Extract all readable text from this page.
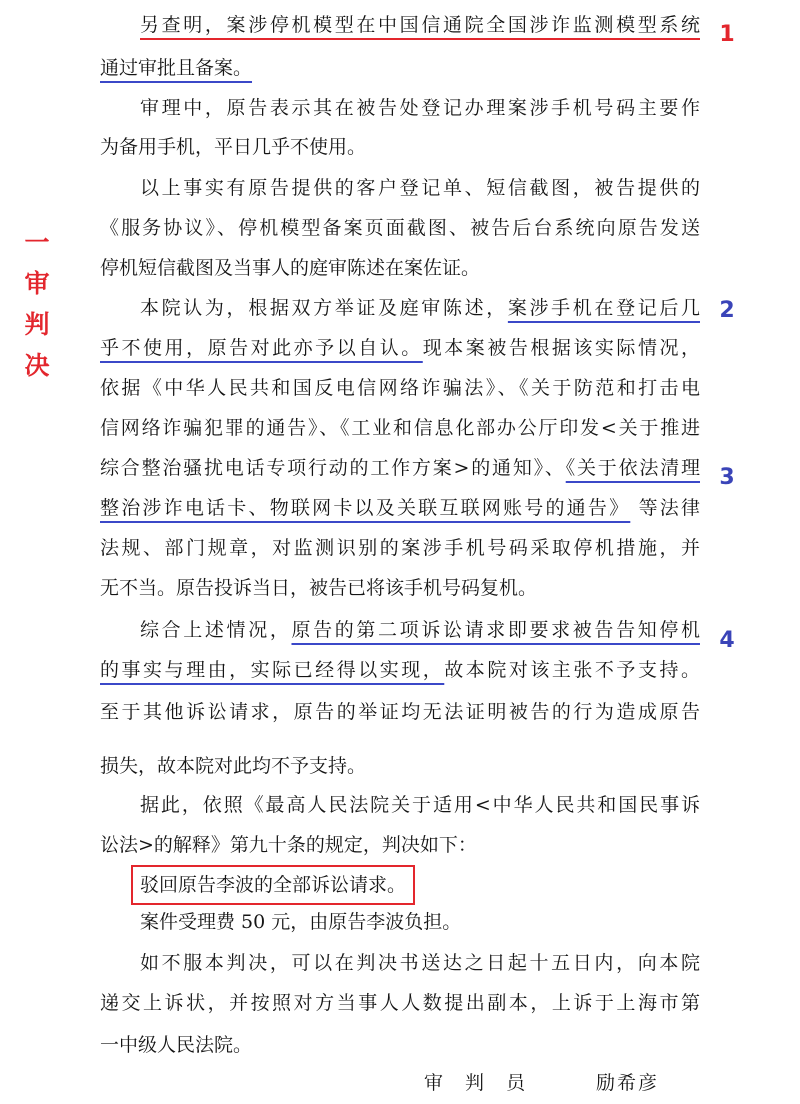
一审判决
1
2
3
4
另查明，案涉停机模型在中国信通院全国涉诈监测模型系统
通过审批且备案。
审理中，原告表示其在被告处登记办理案涉手机号码主要作
为备用手机，平日几乎不使用。
以上事实有原告提供的客户登记单、短信截图，被告提供的
《服务协议》、停机模型备案页面截图、被告后台系统向原告发送
停机短信截图及当事人的庭审陈述在案佐证。
本院认为，根据双方举证及庭审陈述，案涉手机在登记后几
乎不使用，原告对此亦予以自认。现本案被告根据该实际情况，
依据《中华人民共和国反电信网络诈骗法》、《关于防范和打击电
信网络诈骗犯罪的通告》、《工业和信息化部办公厅印发<关于推进
综合整治骚扰电话专项行动的工作方案>的通知》、《关于依法清理
整治涉诈电话卡、物联网卡以及关联互联网账号的通告》 等法律
法规、部门规章，对监测识别的案涉手机号码采取停机措施，并
无不当。原告投诉当日，被告已将该手机号码复机。
综合上述情况，原告的第二项诉讼请求即要求被告告知停机
的事实与理由，实际已经得以实现，故本院对该主张不予支持。
至于其他诉讼请求，原告的举证均无法证明被告的行为造成原告
损失，故本院对此均不予支持。
据此，依照《最高人民法院关于适用<中华人民共和国民事诉
讼法>的解释》第九十条的规定，判决如下：
驳回原告李波的全部诉讼请求。
案件受理费 50 元，由原告李波负担。
如不服本判决，可以在判决书送达之日起十五日内，向本院
递交上诉状，并按照对方当事人人数提出副本，上诉于上海市第
一中级人民法院。
审 判 员	励希彦
